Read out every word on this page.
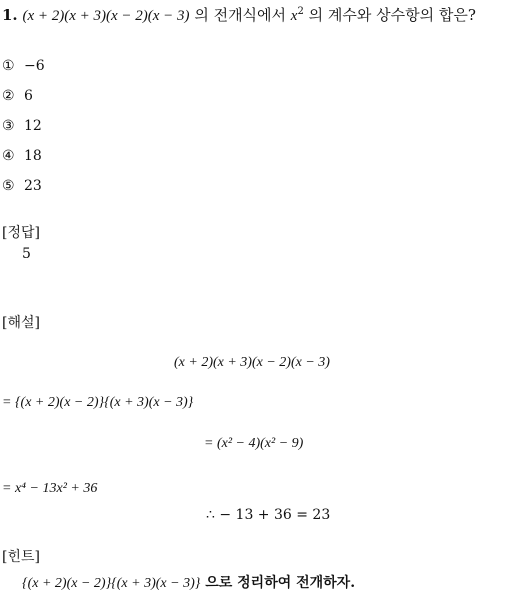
1. (x + 2)(x + 3)(x − 2)(x − 3) 의 전개식에서 $x^2$ 의 계수와 상수항의 합은?
① −6
② 6
③ 12
④ 18
⑤ 23
[정답]
5
[해설]
(x + 2)(x + 3)(x − 2)(x − 3)
= {(x + 2)(x − 2)}{(x + 3)(x − 3)}
= (x² − 4)(x² − 9)
= x⁴ − 13x² + 36
∴ − 13 + 36 = 23
[힌트]
{(x + 2)(x − 2)}{(x + 3)(x − 3)} 으로 정리하여 전개하자.
